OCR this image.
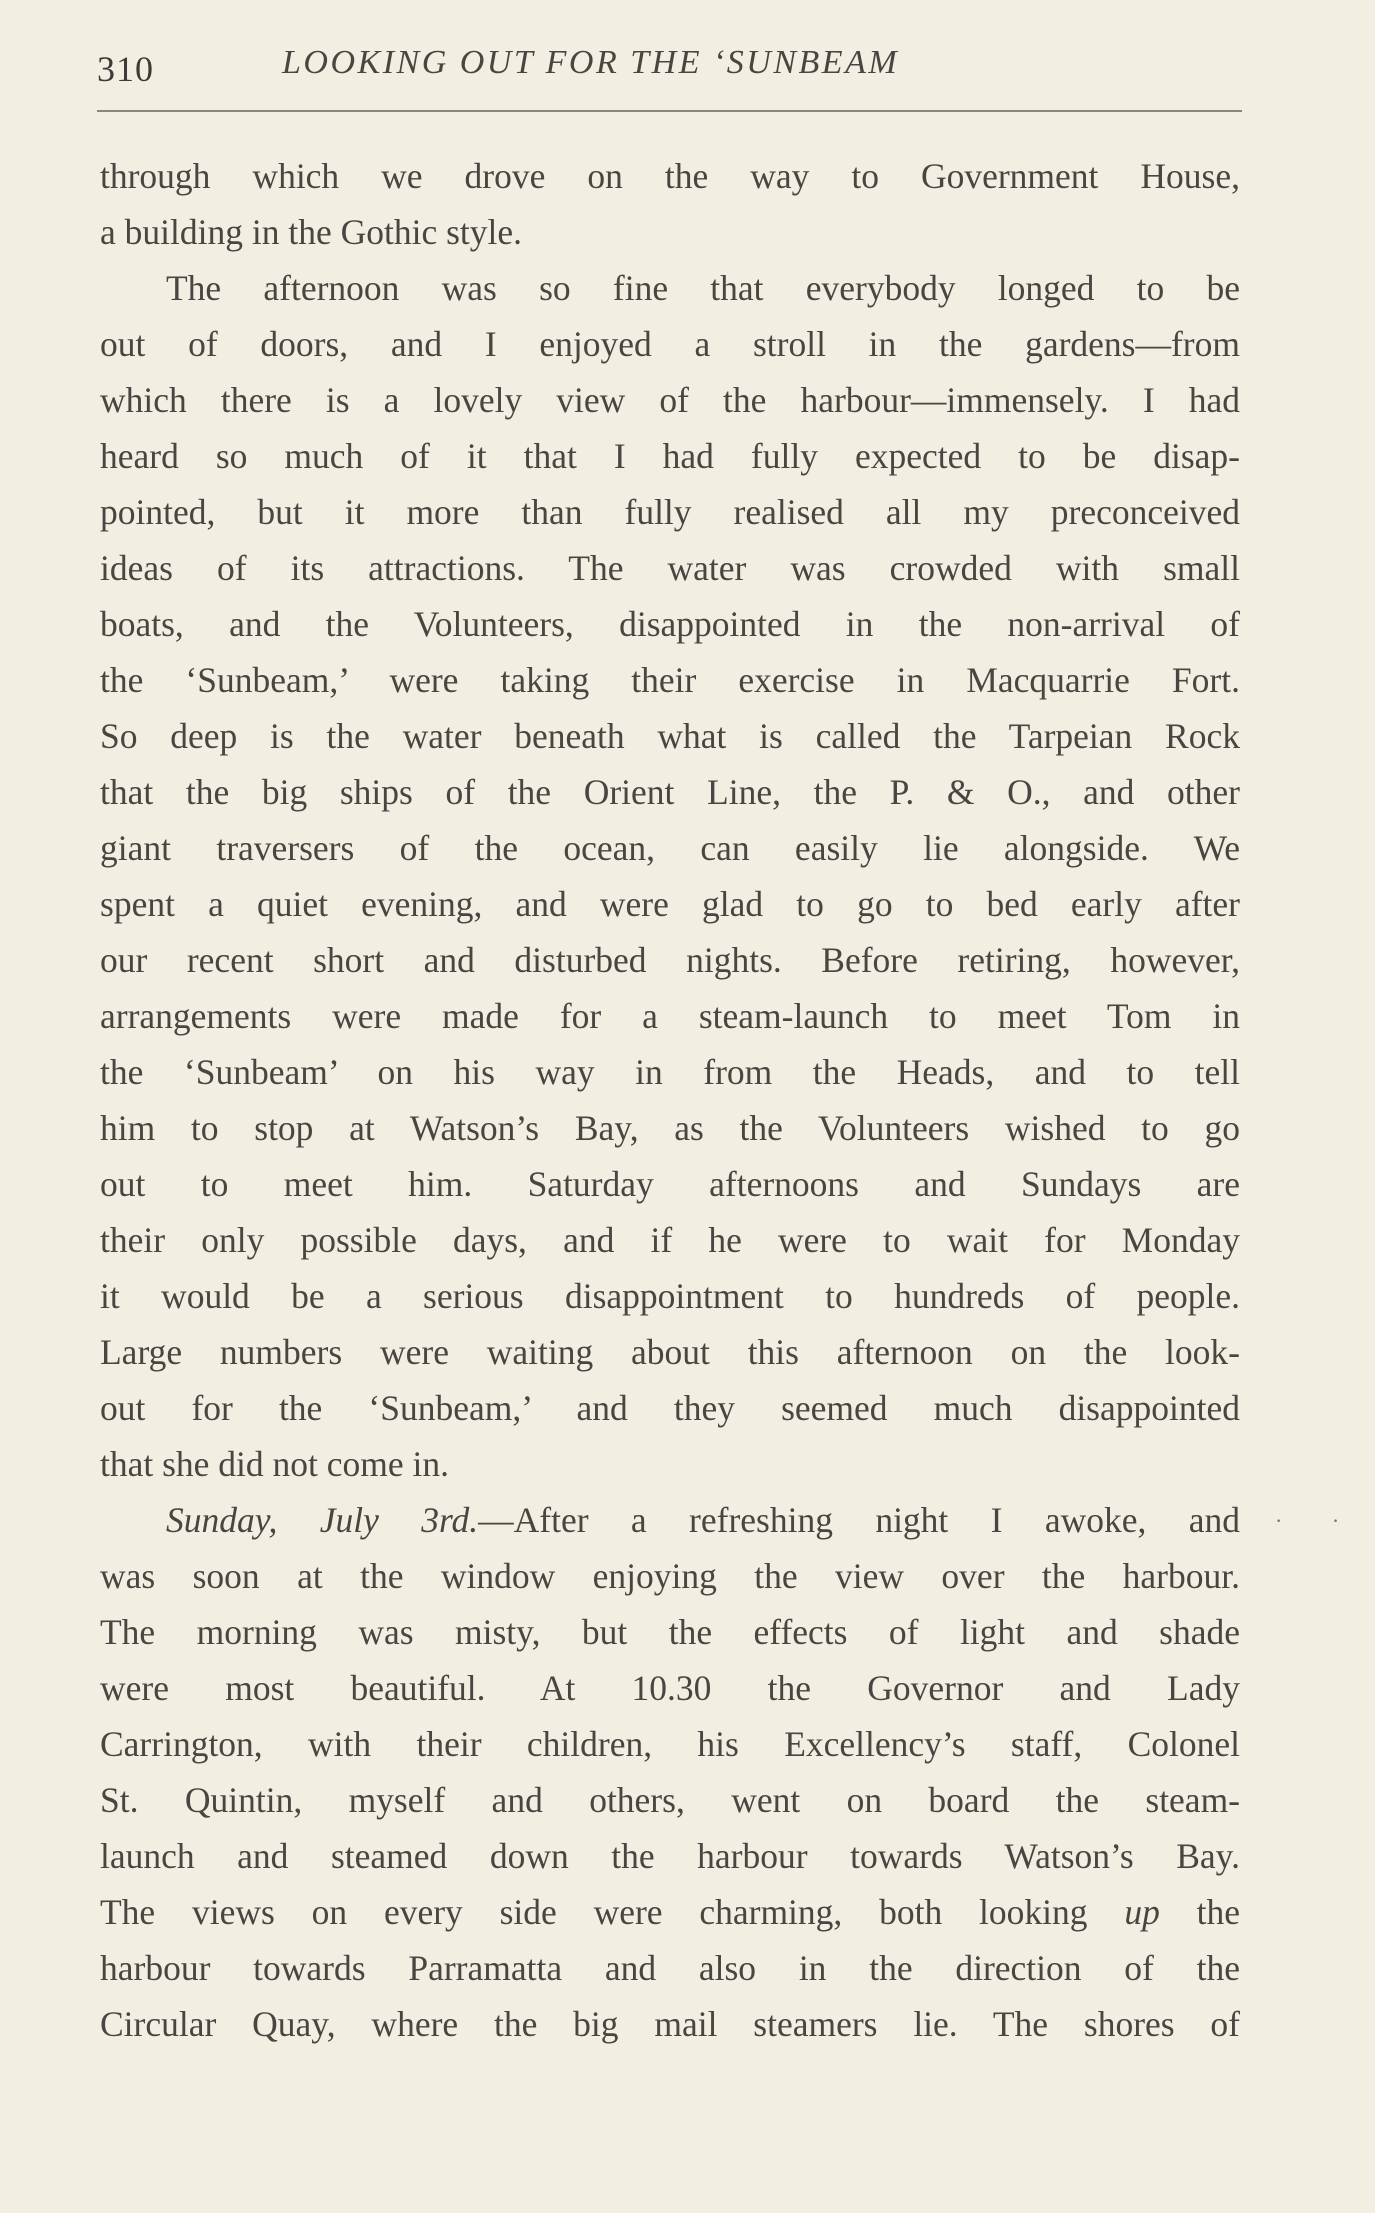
310	LOOKING OUT FOR THE ‘SUNBEAM
through which we drove on the way to Government House,
a building in the Gothic style.
The afternoon was so fine that everybody longed to be
out of doors, and I enjoyed a stroll in the gardens—from
which there is a lovely view of the harbour—immensely. I had
heard so much of it that I had fully expected to be disap-
pointed, but it more than fully realised all my preconceived
ideas of its attractions. The water was crowded with small
boats, and the Volunteers, disappointed in the non-arrival of
the ‘Sunbeam,’ were taking their exercise in Macquarrie Fort.
So deep is the water beneath what is called the Tarpeian Rock
that the big ships of the Orient Line, the P. & O., and other
giant traversers of the ocean, can easily lie alongside. We
spent a quiet evening, and were glad to go to bed early after
our recent short and disturbed nights. Before retiring, however,
arrangements were made for a steam-launch to meet Tom in
the ‘Sunbeam’ on his way in from the Heads, and to tell
him to stop at Watson’s Bay, as the Volunteers wished to go
out to meet him. Saturday afternoons and Sundays are
their only possible days, and if he were to wait for Monday
it would be a serious disappointment to hundreds of people.
Large numbers were waiting about this afternoon on the look-
out for the ‘Sunbeam,’ and they seemed much disappointed
that she did not come in.
Sunday, July 3rd.—After a refreshing night I awoke, and
was soon at the window enjoying the view over the harbour.
The morning was misty, but the effects of light and shade
were most beautiful. At 10.30 the Governor and Lady
Carrington, with their children, his Excellency’s staff, Colonel
St. Quintin, myself and others, went on board the steam-
launch and steamed down the harbour towards Watson’s Bay.
The views on every side were charming, both looking up the
harbour towards Parramatta and also in the direction of the
Circular Quay, where the big mail steamers lie. The shores of
· ·
